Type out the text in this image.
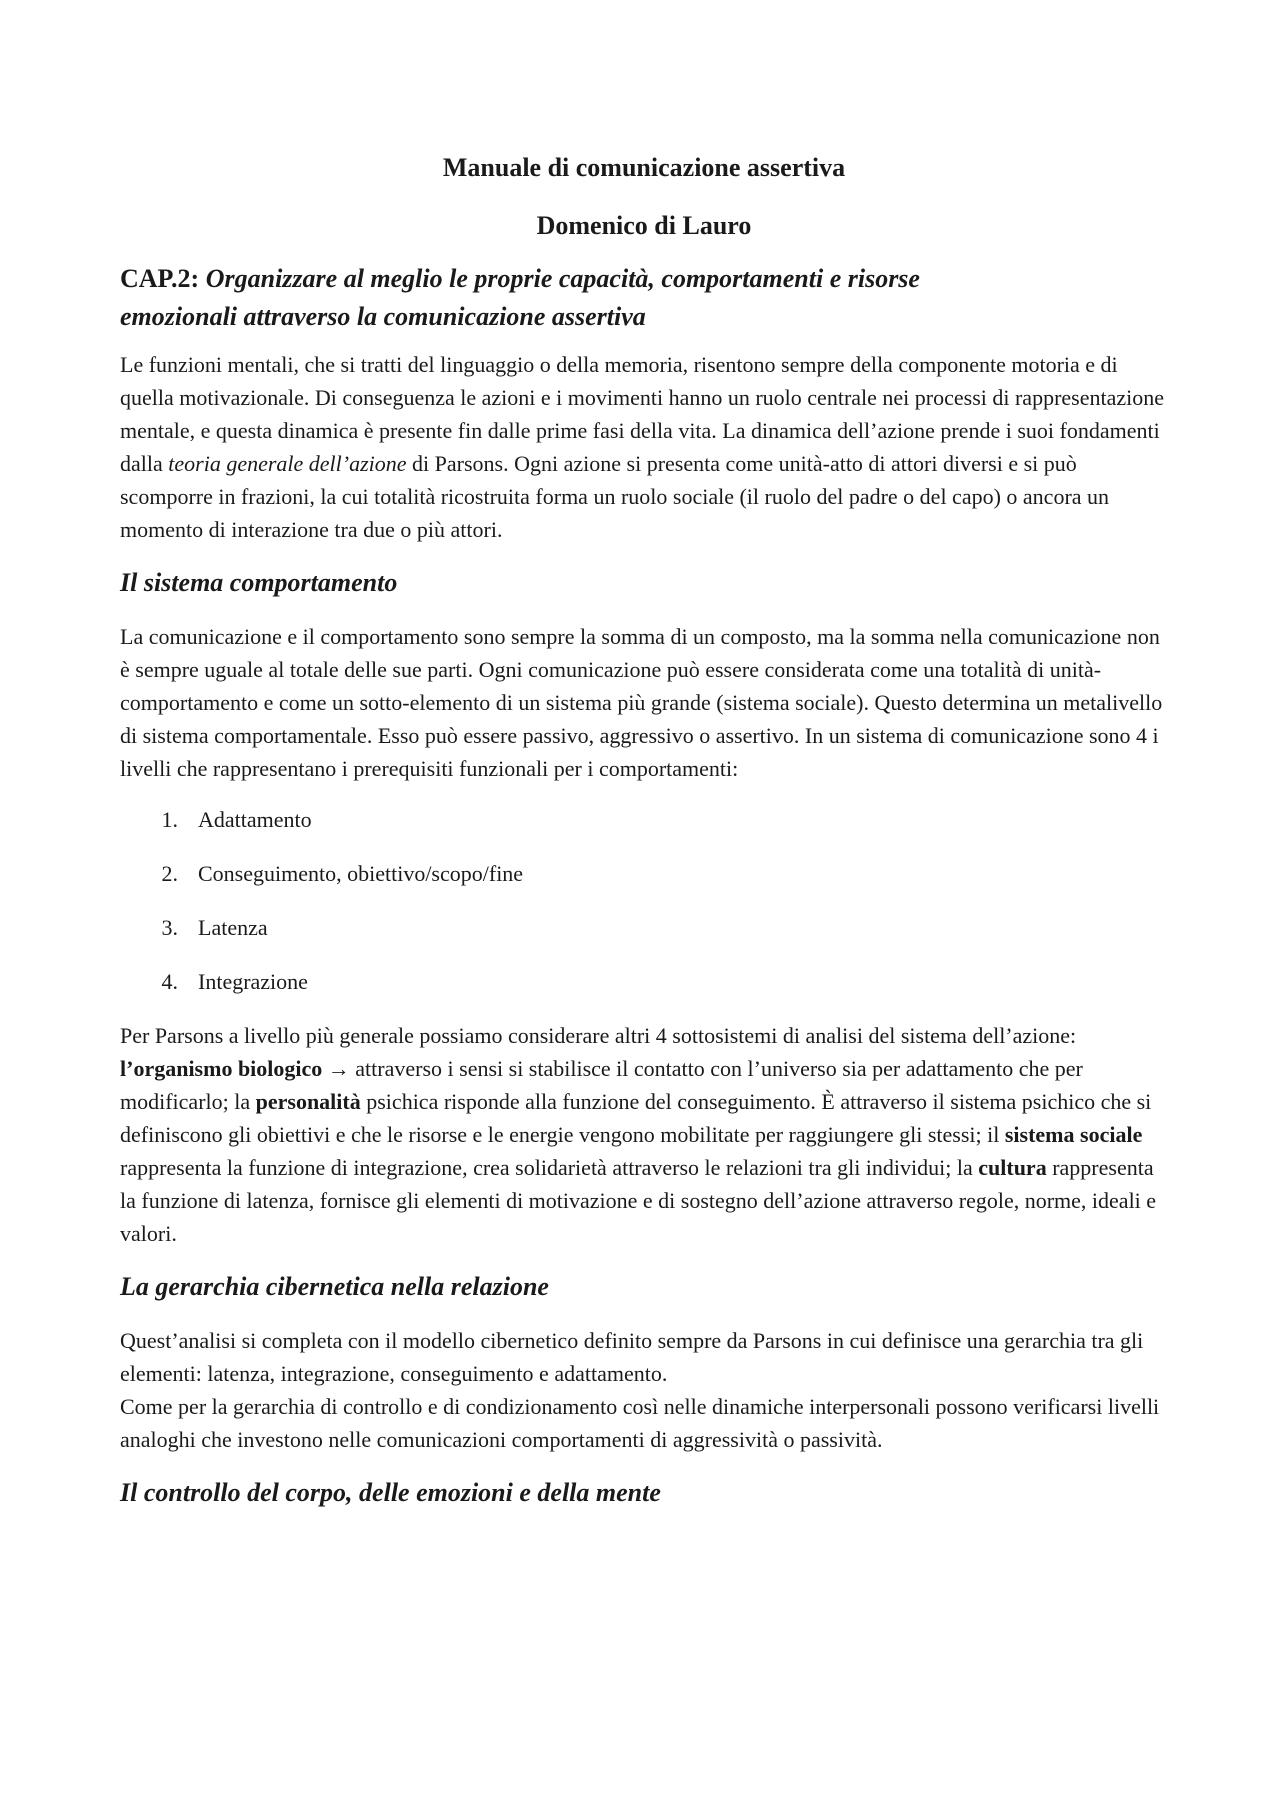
Manuale di comunicazione assertiva
Domenico di Lauro
CAP.2: Organizzare al meglio le proprie capacità, comportamenti e risorse
emozionali attraverso la comunicazione assertiva

Le funzioni mentali, che si tratti del linguaggio o della memoria, risentono sempre della componente motoria e di quella motivazionale. Di conseguenza le azioni e i movimenti hanno un ruolo centrale nei processi di rappresentazione mentale, e questa dinamica è presente fin dalle prime fasi della vita. La dinamica dell’azione prende i suoi fondamenti dalla teoria generale dell’azione di Parsons. Ogni azione si presenta come unità-atto di attori diversi e si può scomporre in frazioni, la cui totalità ricostruita forma un ruolo sociale (il ruolo del padre o del capo) o ancora un momento di interazione tra due o più attori.

Il sistema comportamento

La comunicazione e il comportamento sono sempre la somma di un composto, ma la somma nella comunicazione non è sempre uguale al totale delle sue parti. Ogni comunicazione può essere considerata come una totalità di unità-comportamento e come un sotto-elemento di un sistema più grande (sistema sociale). Questo determina un metalivello di sistema comportamentale. Esso può essere passivo, aggressivo o assertivo. In un sistema di comunicazione sono 4 i livelli che rappresentano i prerequisiti funzionali per i comportamenti:

1. Adattamento
2. Conseguimento, obiettivo/scopo/fine
3. Latenza
4. Integrazione

Per Parsons a livello più generale possiamo considerare altri 4 sottosistemi di analisi del sistema dell’azione: l’organismo biologico → attraverso i sensi si stabilisce il contatto con l’universo sia per adattamento che per modificarlo; la personalità psichica risponde alla funzione del conseguimento. È attraverso il sistema psichico che si definiscono gli obiettivi e che le risorse e le energie vengono mobilitate per raggiungere gli stessi; il sistema sociale rappresenta la funzione di integrazione, crea solidarietà attraverso le relazioni tra gli individui; la cultura rappresenta la funzione di latenza, fornisce gli elementi di motivazione e di sostegno dell’azione attraverso regole, norme, ideali e valori.

La gerarchia cibernetica nella relazione

Quest’analisi si completa con il modello cibernetico definito sempre da Parsons in cui definisce una gerarchia tra gli elementi: latenza, integrazione, conseguimento e adattamento.
Come per la gerarchia di controllo e di condizionamento così nelle dinamiche interpersonali possono verificarsi livelli analoghi che investono nelle comunicazioni comportamenti di aggressività o passività.

Il controllo del corpo, delle emozioni e della mente
